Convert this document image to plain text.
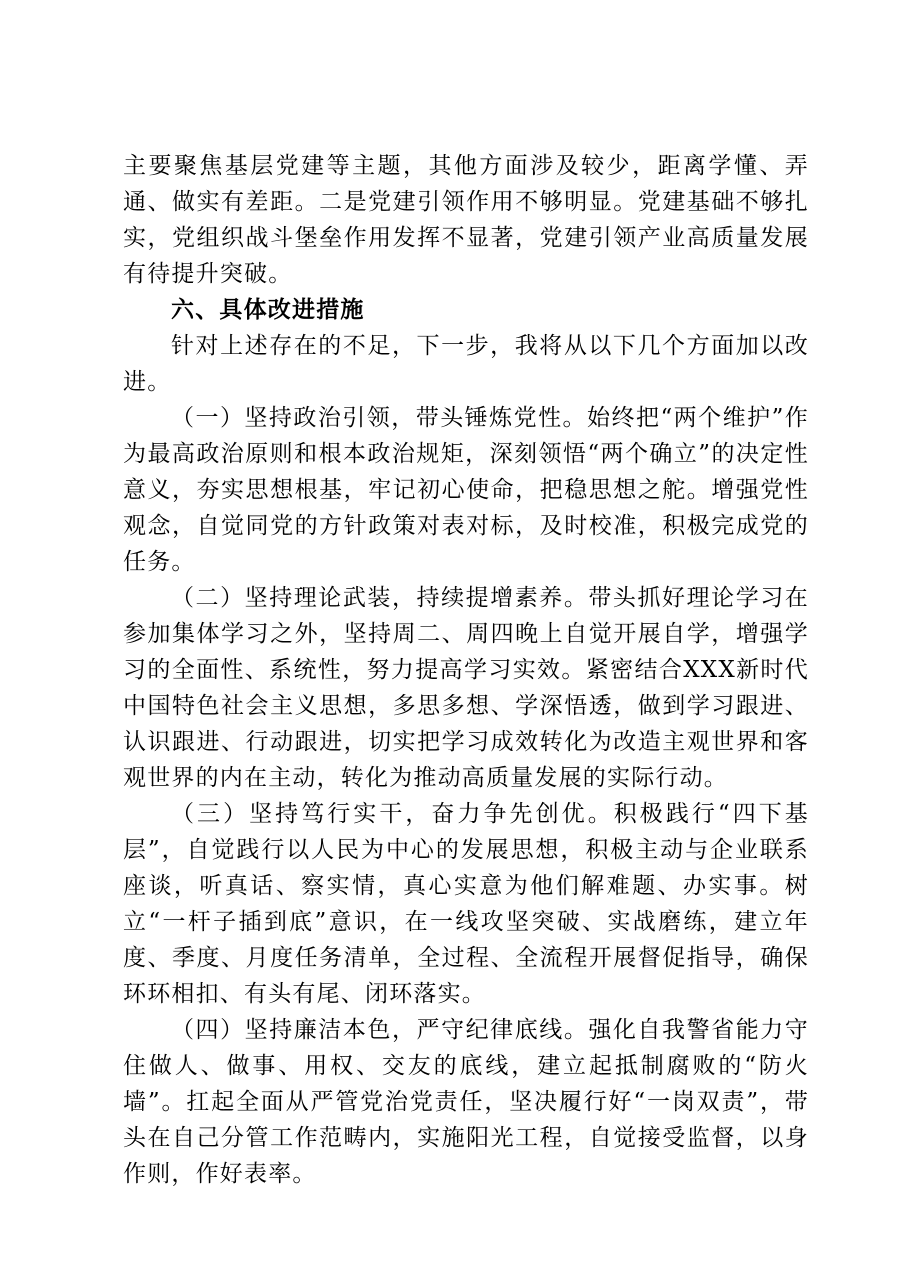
主要聚焦基层党建等主题，其他方面涉及较少，距离学懂、弄通、做实有差距。二是党建引领作用不够明显。党建基础不够扎实，党组织战斗堡垒作用发挥不显著，党建引领产业高质量发展有待提升突破。

六、具体改进措施

针对上述存在的不足，下一步，我将从以下几个方面加以改进。

（一）坚持政治引领，带头锤炼党性。始终把“两个维护”作为最高政治原则和根本政治规矩，深刻领悟“两个确立”的决定性意义，夯实思想根基，牢记初心使命，把稳思想之舵。增强党性观念，自觉同党的方针政策对表对标，及时校准，积极完成党的任务。

（二）坚持理论武装，持续提增素养。带头抓好理论学习在参加集体学习之外，坚持周二、周四晚上自觉开展自学，增强学习的全面性、系统性，努力提高学习实效。紧密结合XXX新时代中国特色社会主义思想，多思多想、学深悟透，做到学习跟进、认识跟进、行动跟进，切实把学习成效转化为改造主观世界和客观世界的内在主动，转化为推动高质量发展的实际行动。

（三）坚持笃行实干，奋力争先创优。积极践行“四下基层”，自觉践行以人民为中心的发展思想，积极主动与企业联系座谈，听真话、察实情，真心实意为他们解难题、办实事。树立“一杆子插到底”意识，在一线攻坚突破、实战磨练，建立年度、季度、月度任务清单，全过程、全流程开展督促指导，确保环环相扣、有头有尾、闭环落实。

（四）坚持廉洁本色，严守纪律底线。强化自我警省能力守住做人、做事、用权、交友的底线，建立起抵制腐败的“防火墙”。扛起全面从严管党治党责任，坚决履行好“一岗双责”，带头在自己分管工作范畴内，实施阳光工程，自觉接受监督，以身作则，作好表率。
